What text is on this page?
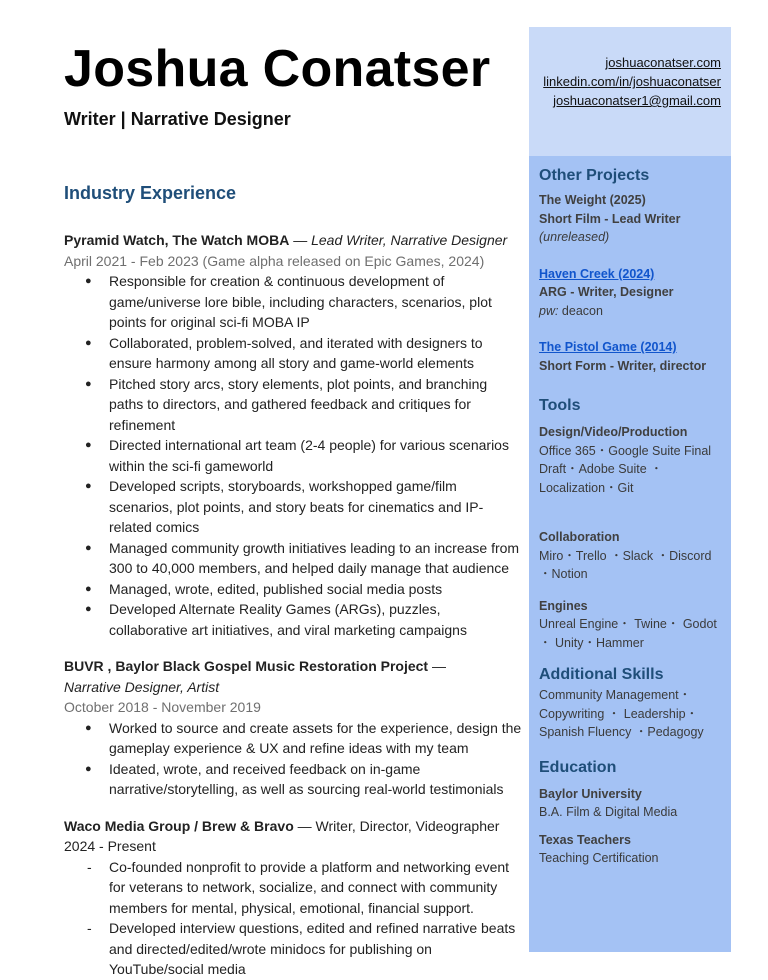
Joshua Conatser
Writer | Narrative Designer
Industry Experience
Pyramid Watch, The Watch MOBA — Lead Writer, Narrative Designer
April 2021 - Feb 2023 (Game alpha released on Epic Games, 2024)
● Responsible for creation & continuous development of game/universe lore bible, including characters, scenarios, plot points for original sci-fi MOBA IP
● Collaborated, problem-solved, and iterated with designers to ensure harmony among all story and game-world elements
● Pitched story arcs, story elements, plot points, and branching paths to directors, and gathered feedback and critiques for refinement
● Directed international art team (2-4 people) for various scenarios within the sci-fi gameworld
● Developed scripts, storyboards, workshopped game/film scenarios, plot points, and story beats for cinematics and IP-related comics
● Managed community growth initiatives leading to an increase from 300 to 40,000 members, and helped daily manage that audience
● Managed, wrote, edited, published social media posts
● Developed Alternate Reality Games (ARGs), puzzles, collaborative art initiatives, and viral marketing campaigns
BUVR , Baylor Black Gospel Music Restoration Project —
Narrative Designer, Artist
October 2018 - November 2019
● Worked to source and create assets for the experience, design the gameplay experience & UX and refine ideas with my team
● Ideated, wrote, and received feedback on in-game narrative/storytelling, as well as sourcing real-world testimonials
Waco Media Group / Brew & Bravo — Writer, Director, Videographer
2024 - Present
- Co-founded nonprofit to provide a platform and networking event for veterans to network, socialize, and connect with community members for mental, physical, emotional, financial support.
- Developed interview questions, edited and refined narrative beats and directed/edited/wrote minidocs for publishing on YouTube/social media
joshuaconatser.com
linkedin.com/in/joshuaconatser
joshuaconatser1@gmail.com
Other Projects
The Weight (2025)
Short Film - Lead Writer
(unreleased)
Haven Creek (2024)
ARG - Writer, Designer
pw: deacon
The Pistol Game (2014)
Short Form - Writer, director
Tools
Design/Video/Production
Office 365・Google Suite Final Draft・Adobe Suite ・ Localization・Git
Collaboration
Miro・Trello ・Slack ・Discord ・Notion
Engines
Unreal Engine・ Twine・ Godot ・ Unity・Hammer
Additional Skills
Community Management・ Copywriting ・ Leadership・ Spanish Fluency ・Pedagogy
Education
Baylor University
B.A. Film & Digital Media
Texas Teachers
Teaching Certification
